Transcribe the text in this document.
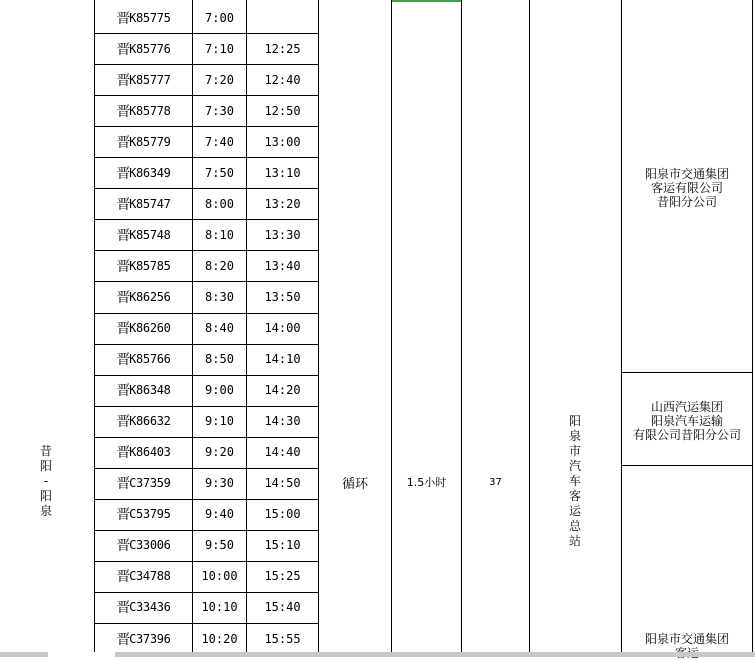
晋 K85775	7:00
晋 K85776	7:10	12:25
晋 K85777	7:20	12:40
晋 K85778	7:30	12:50
晋 K85779	7:40	13:00
晋 K86349	7:50	13:10
晋 K85747	8:00	13:20
晋 K85748	8:10	13:30
晋 K85785	8:20	13:40
晋 K86256	8:30	13:50
晋 K86260	8:40	14:00
晋 K85766	8:50	14:10
晋 K86348	9:00	14:20
晋 K86632	9:10	14:30
晋 K86403	9:20	14:40
晋 C37359	9:30	14:50
晋 C53795	9:40	15:00
晋 C33006	9:50	15:10
晋 C34788	10:00	15:25
晋 C33436	10:10	15:40
晋 C37396	10:20	15:55
昔
阳
-
阳
泉
循环	1.5小时	37
阳
泉
市
汽
车
客
运
总
站
阳泉市交通集团
客运有限公司
昔阳分公司
山西汽运集团
阳泉汽车运输
有限公司昔阳分公司
阳泉市交通集团
